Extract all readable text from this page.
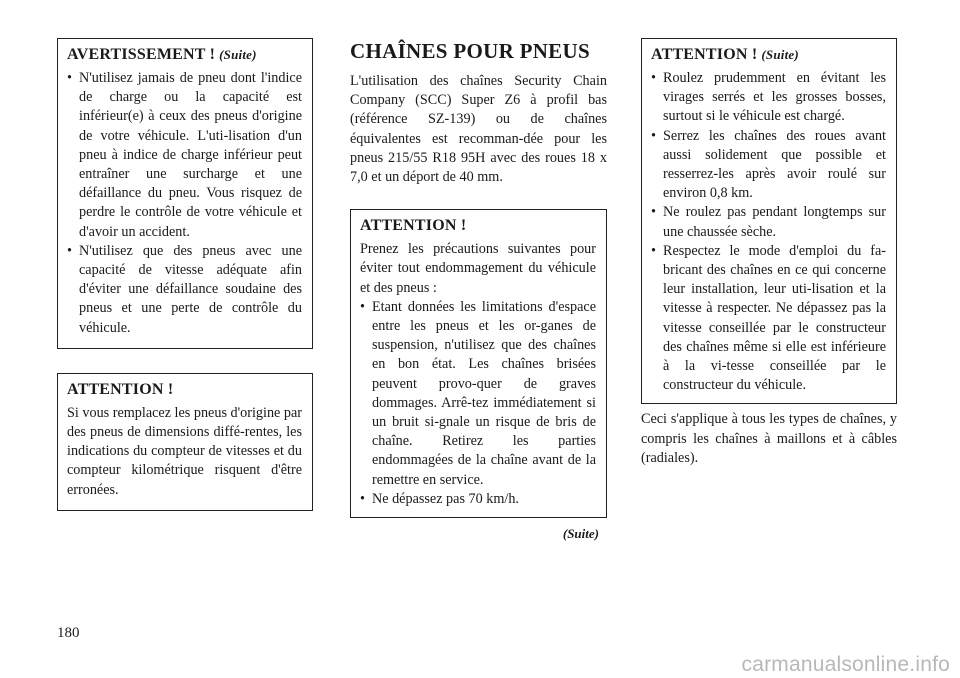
AVERTISSEMENT ! (Suite)
• N'utilisez jamais de pneu dont l'indice de charge ou la capacité est inférieur(e) à ceux des pneus d'origine de votre véhicule. L'uti-lisation d'un pneu à indice de charge inférieur peut entraîner une surcharge et une défaillance du pneu. Vous risquez de perdre le contrôle de votre véhicule et d'avoir un accident.
• N'utilisez que des pneus avec une capacité de vitesse adéquate afin d'éviter une défaillance soudaine des pneus et une perte de contrôle du véhicule.
ATTENTION !

Si vous remplacez les pneus d'origine par des pneus de dimensions diffé-rentes, les indications du compteur de vitesses et du compteur kilométrique risquent d'être erronées.

CHAÎNES POUR PNEUS

L'utilisation des chaînes Security Chain Company (SCC) Super Z6 à profil bas (référence SZ-139) ou de chaînes équivalentes est recomman-dée pour les pneus 215/55 R18 95H avec des roues 18 x 7,0 et un déport de 40 mm.

ATTENTION !

Prenez les précautions suivantes pour éviter tout endommagement du véhicule et des pneus :

• Etant données les limitations d'espace entre les pneus et les or-ganes de suspension, n'utilisez que des chaînes en bon état. Les chaînes brisées peuvent provo-quer de graves dommages. Arrê-tez immédiatement si un bruit si-gnale un risque de bris de chaîne. Retirez les parties endommagées de la chaîne avant de la remettre en service.
• Ne dépassez pas 70 km/h.
(Suite)
ATTENTION ! (Suite)
• Roulez prudemment en évitant les virages serrés et les grosses bosses, surtout si le véhicule est chargé.
• Serrez les chaînes des roues avant aussi solidement que possible et resserrez-les après avoir roulé sur environ 0,8 km.
• Ne roulez pas pendant longtemps sur une chaussée sèche.
• Respectez le mode d'emploi du fa-bricant des chaînes en ce qui concerne leur installation, leur uti-lisation et la vitesse à respecter. Ne dépassez pas la vitesse conseillée par le constructeur des chaînes même si elle est inférieure à la vi-tesse conseillée par le constructeur du véhicule.

Ceci s'applique à tous les types de chaînes, y compris les chaînes à maillons et à câbles (radiales).

180
carmanualsonline.info
